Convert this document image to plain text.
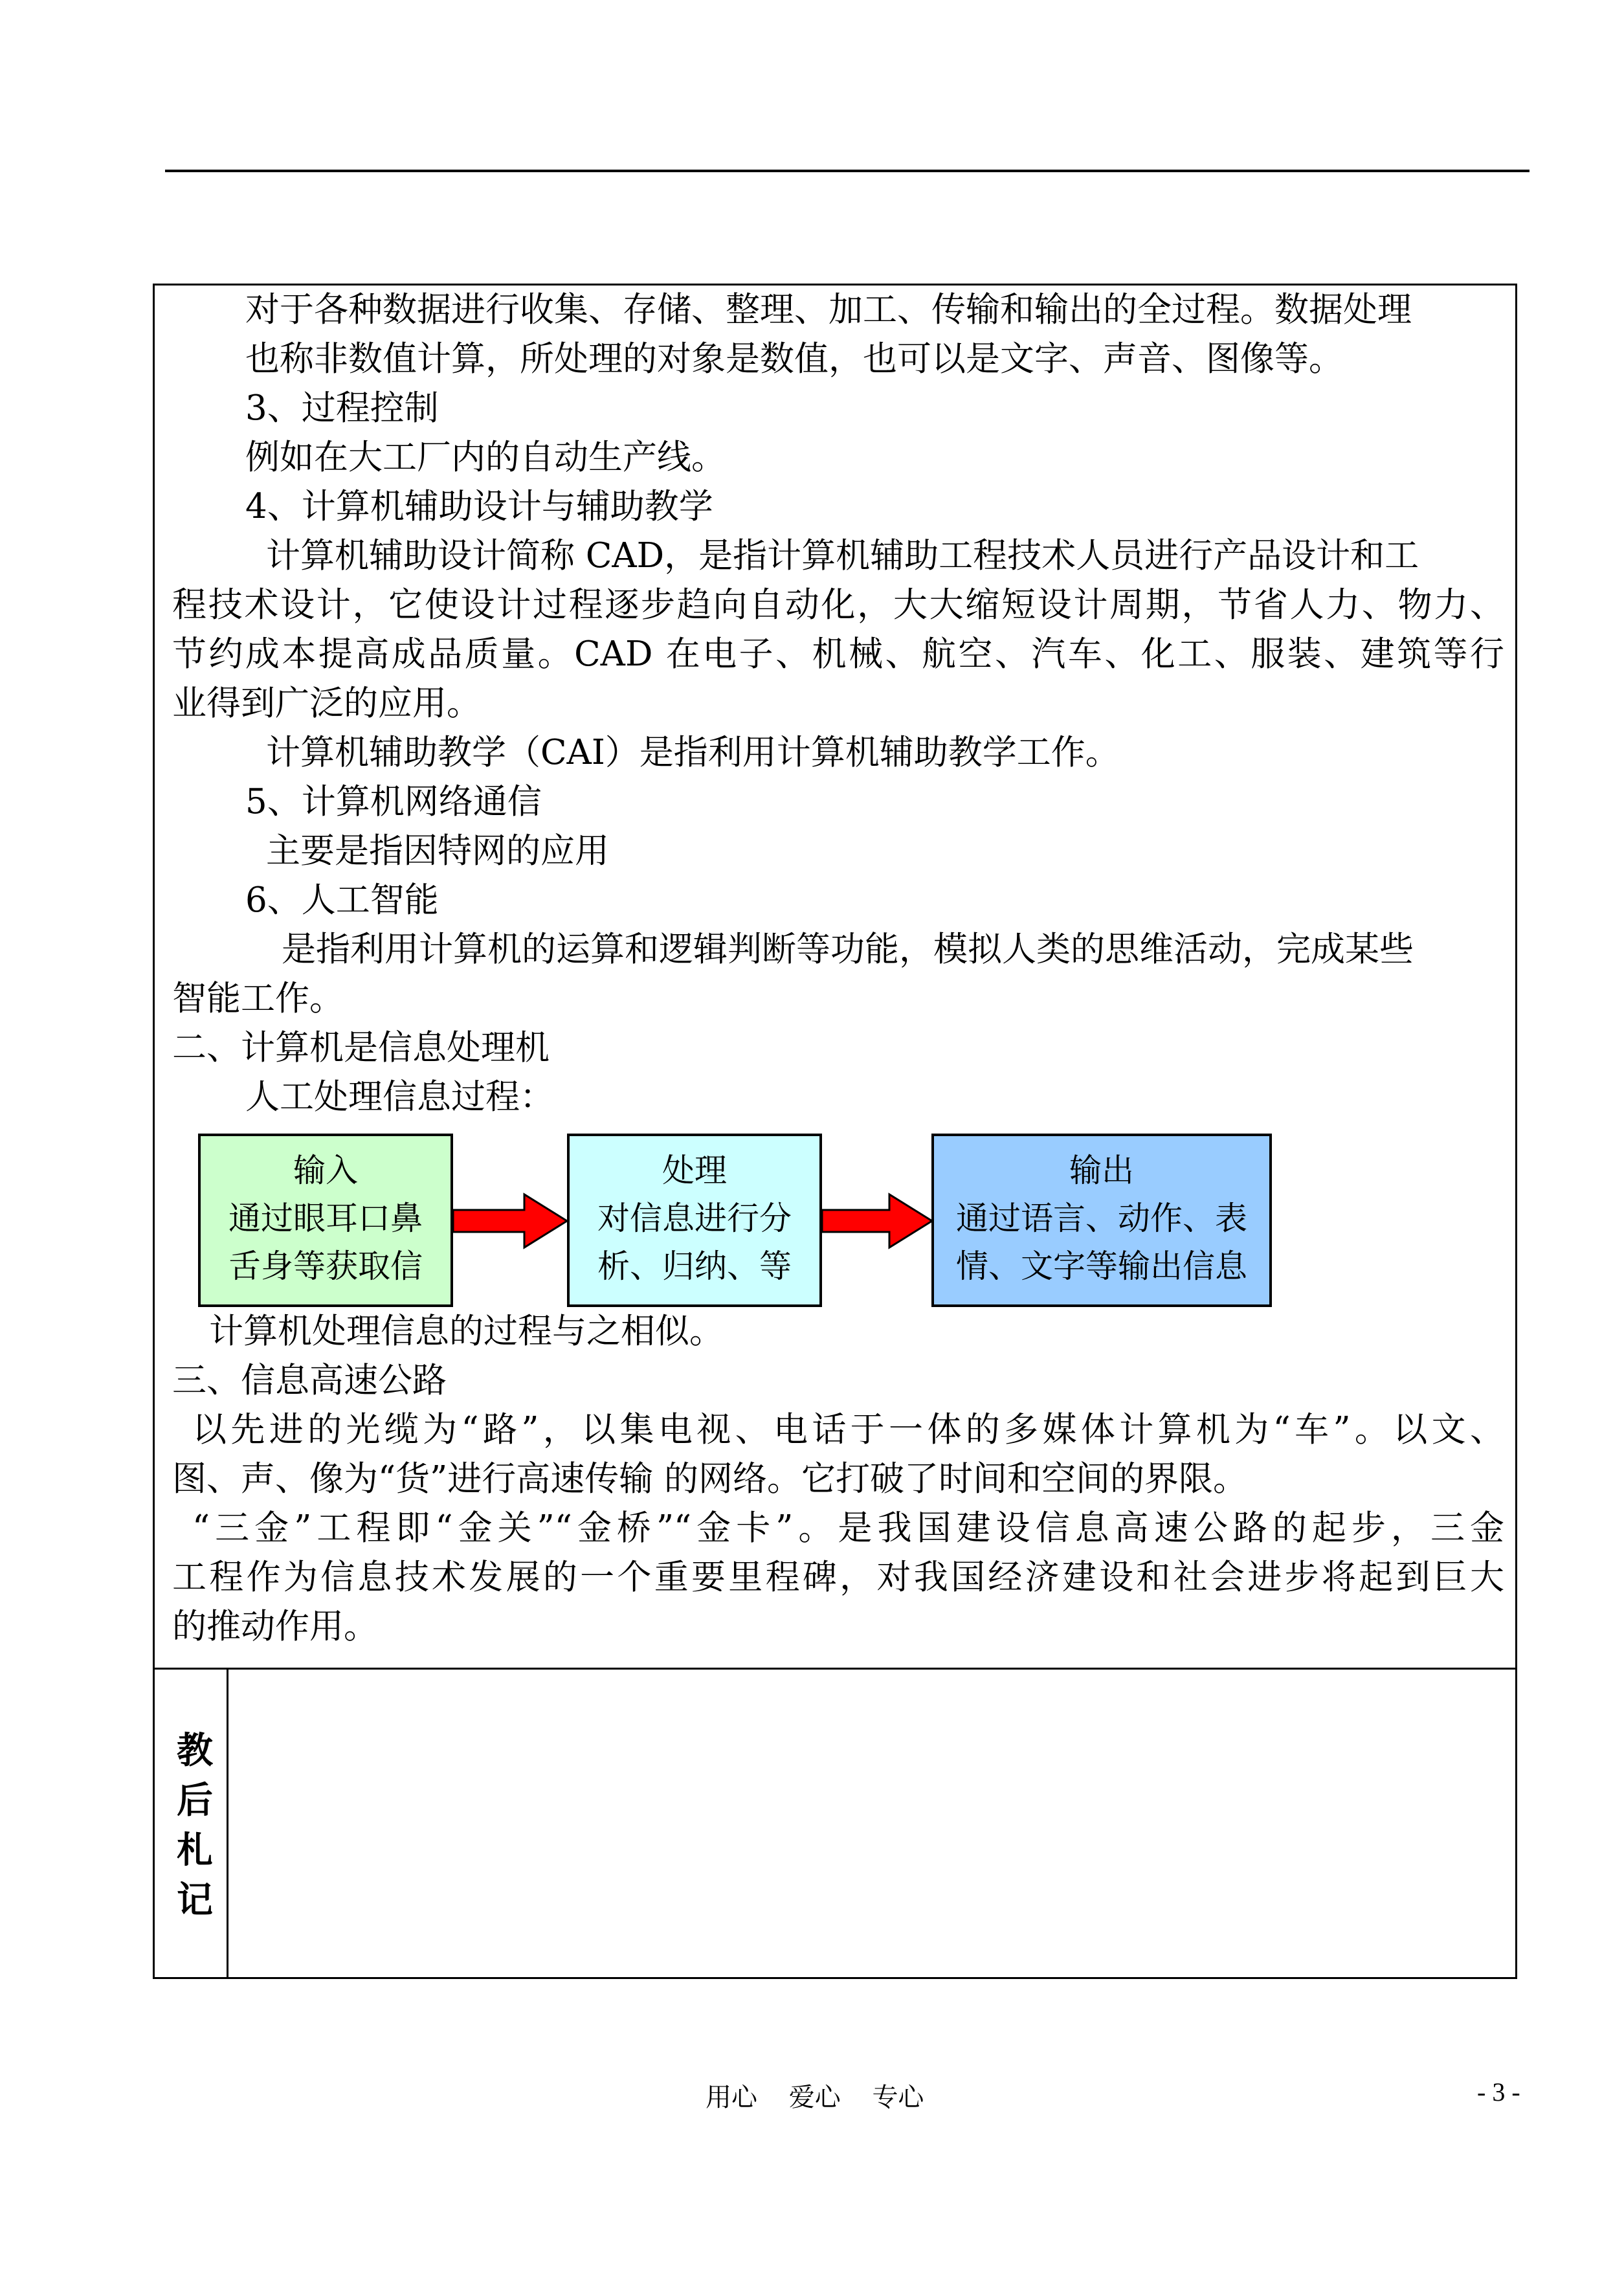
对于各种数据进行收集、存储、整理、加工、传输和输出的全过程。数据处理
也称非数值计算，所处理的对象是数值，也可以是文字、声音、图像等。
3、过程控制
例如在大工厂内的自动生产线。
4、计算机辅助设计与辅助教学
计算机辅助设计简称 CAD，是指计算机辅助工程技术人员进行产品设计和工
程技术设计，它使设计过程逐步趋向自动化，大大缩短设计周期，节省人力、物力、
节约成本提高成品质量。CAD 在电子、机械、航空、汽车、化工、服装、建筑等行
业得到广泛的应用。
计算机辅助教学（CAI）是指利用计算机辅助教学工作。
5、计算机网络通信
主要是指因特网的应用
6、人工智能
是指利用计算机的运算和逻辑判断等功能，模拟人类的思维活动，完成某些
智能工作。
二、计算机是信息处理机
人工处理信息过程：
输入
通过眼耳口鼻
舌身等获取信
处理
对信息进行分
析、归纳、等
输出
通过语言、动作、表
情、文字等输出信息
计算机处理信息的过程与之相似。
三、信息高速公路
以先进的光缆为“路”，以集电视、电话于一体的多媒体计算机为“车”。以文、
图、声、像为“货”进行高速传输 的网络。它打破了时间和空间的界限。
“三金”工程即“金关”“金桥”“金卡”。是我国建设信息高速公路的起步，三金
工程作为信息技术发展的一个重要里程碑，对我国经济建设和社会进步将起到巨大
的推动作用。
教
后
札
记
用心 爱心 专心	- 3 -
